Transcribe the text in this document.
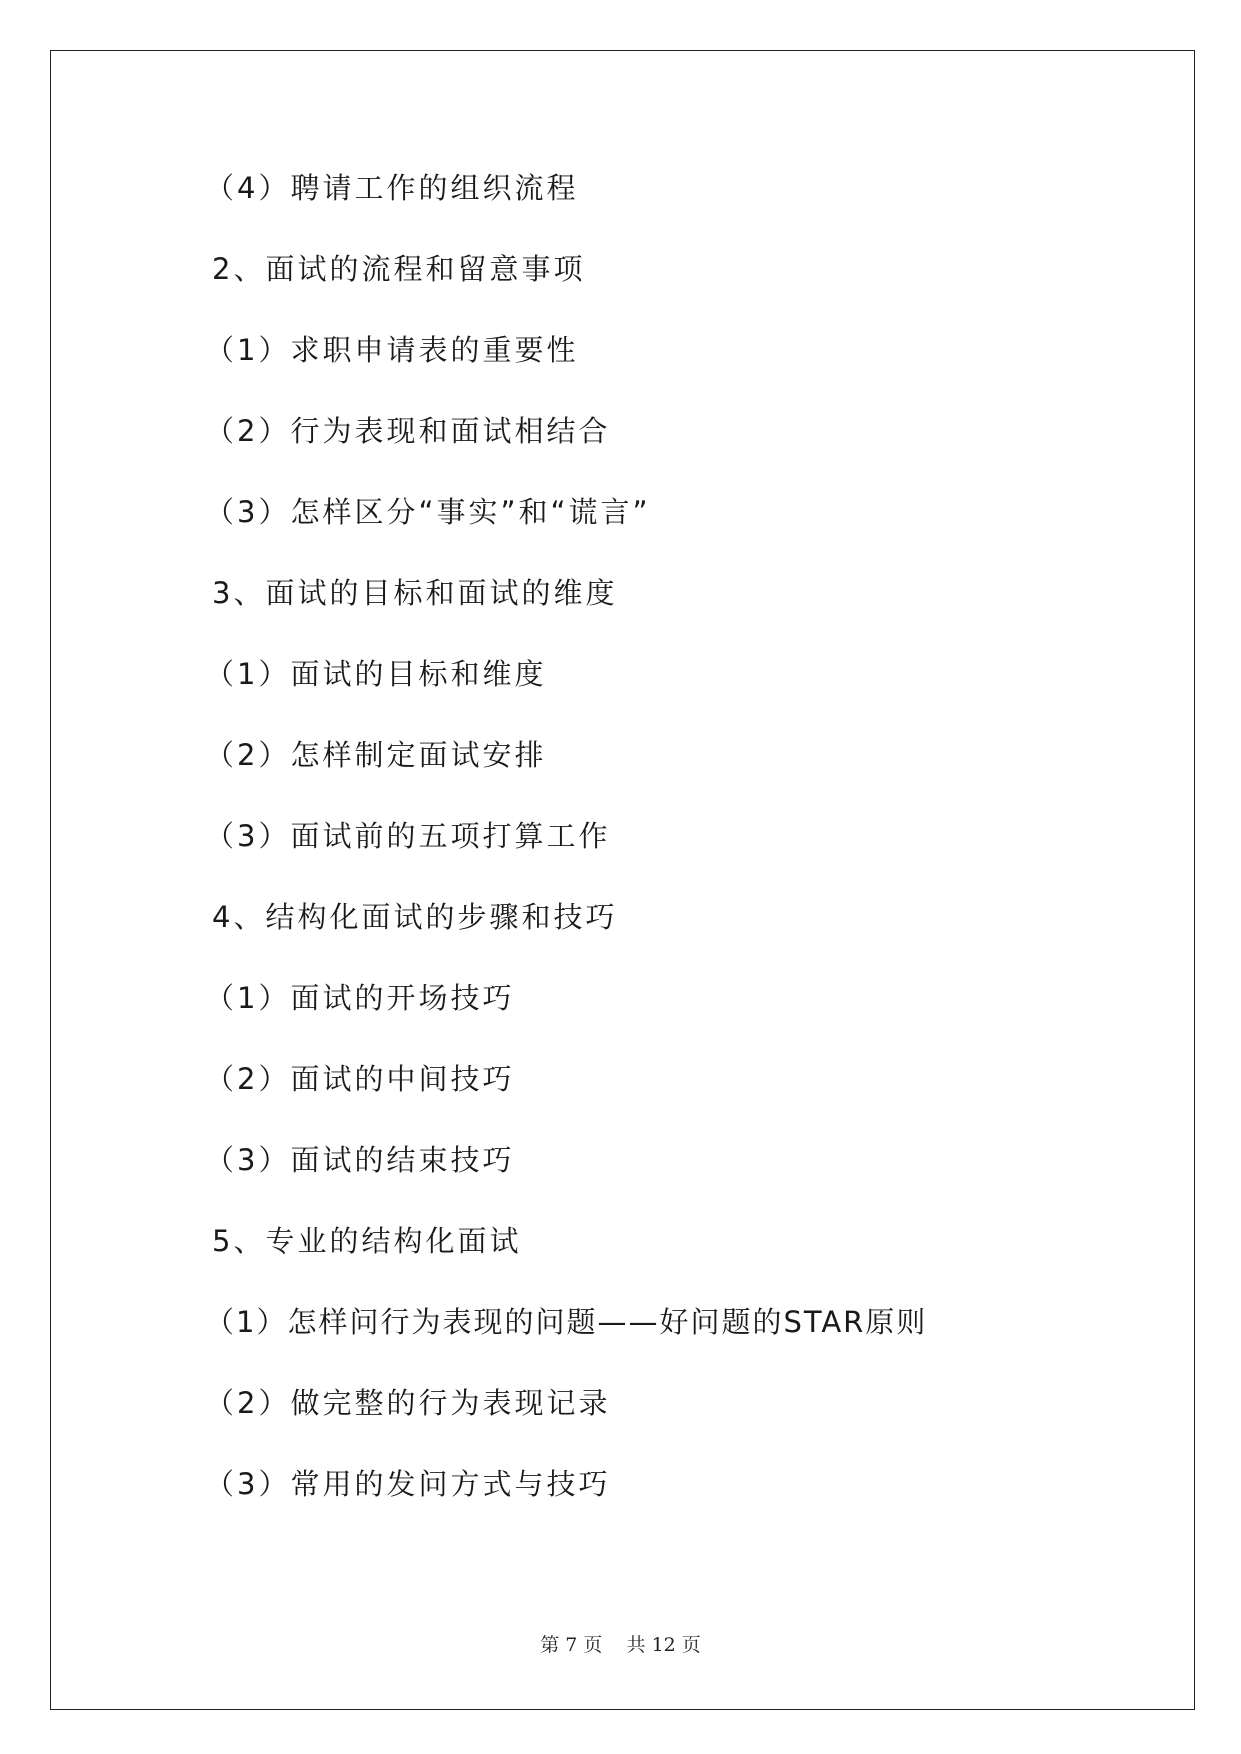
（4）聘请工作的组织流程

2、面试的流程和留意事项

（1）求职申请表的重要性

（2）行为表现和面试相结合

（3）怎样区分“事实”和“谎言”

3、面试的目标和面试的维度

（1）面试的目标和维度

（2）怎样制定面试安排

（3）面试前的五项打算工作

4、结构化面试的步骤和技巧

（1）面试的开场技巧

（2）面试的中间技巧

（3）面试的结束技巧

5、专业的结构化面试

（1）怎样问行为表现的问题——好问题的STAR原则

（2）做完整的行为表现记录

（3）常用的发问方式与技巧

第 7 页    共 12 页
